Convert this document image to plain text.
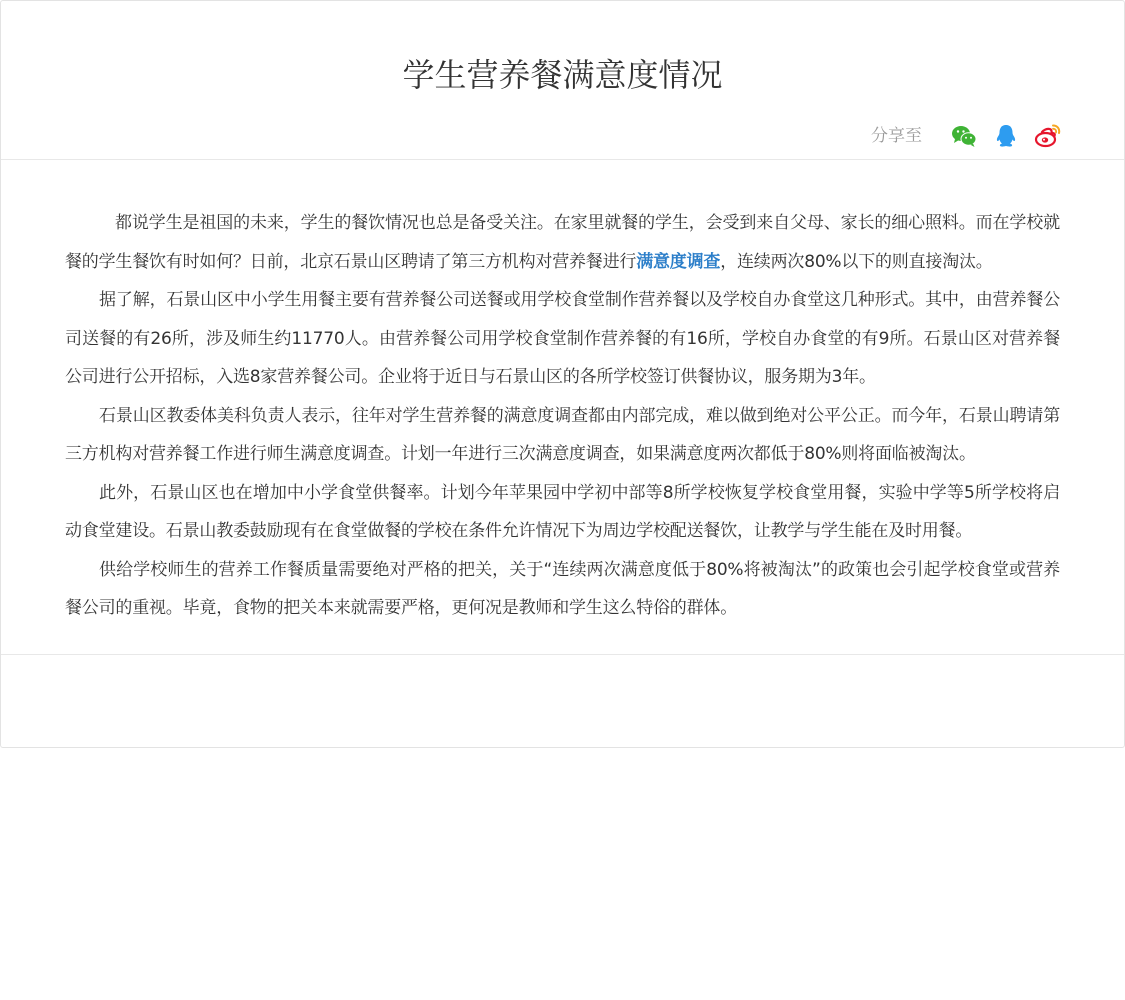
学生营养餐满意度情况
分享至

都说学生是祖国的未来，学生的餐饮情况也总是备受关注。在家里就餐的学生，会受到来自父母、家长的细心照料。而在学校就餐的学生餐饮有时如何？日前，北京石景山区聘请了第三方机构对营养餐进行满意度调查，连续两次80%以下的则直接淘汰。

据了解，石景山区中小学生用餐主要有营养餐公司送餐或用学校食堂制作营养餐以及学校自办食堂这几种形式。其中，由营养餐公司送餐的有26所，涉及师生约11770人。由营养餐公司用学校食堂制作营养餐的有16所，学校自办食堂的有9所。石景山区对营养餐公司进行公开招标，入选8家营养餐公司。企业将于近日与石景山区的各所学校签订供餐协议，服务期为3年。

石景山区教委体美科负责人表示，往年对学生营养餐的满意度调查都由内部完成，难以做到绝对公平公正。而今年，石景山聘请第三方机构对营养餐工作进行师生满意度调查。计划一年进行三次满意度调查，如果满意度两次都低于80%则将面临被淘汰。

此外，石景山区也在增加中小学食堂供餐率。计划今年苹果园中学初中部等8所学校恢复学校食堂用餐，实验中学等5所学校将启动食堂建设。石景山教委鼓励现有在食堂做餐的学校在条件允许情况下为周边学校配送餐饮，让教学与学生能在及时用餐。

供给学校师生的营养工作餐质量需要绝对严格的把关，关于“连续两次满意度低于80%将被淘汰”的政策也会引起学校食堂或营养餐公司的重视。毕竟，食物的把关本来就需要严格，更何况是教师和学生这么特俗的群体。
